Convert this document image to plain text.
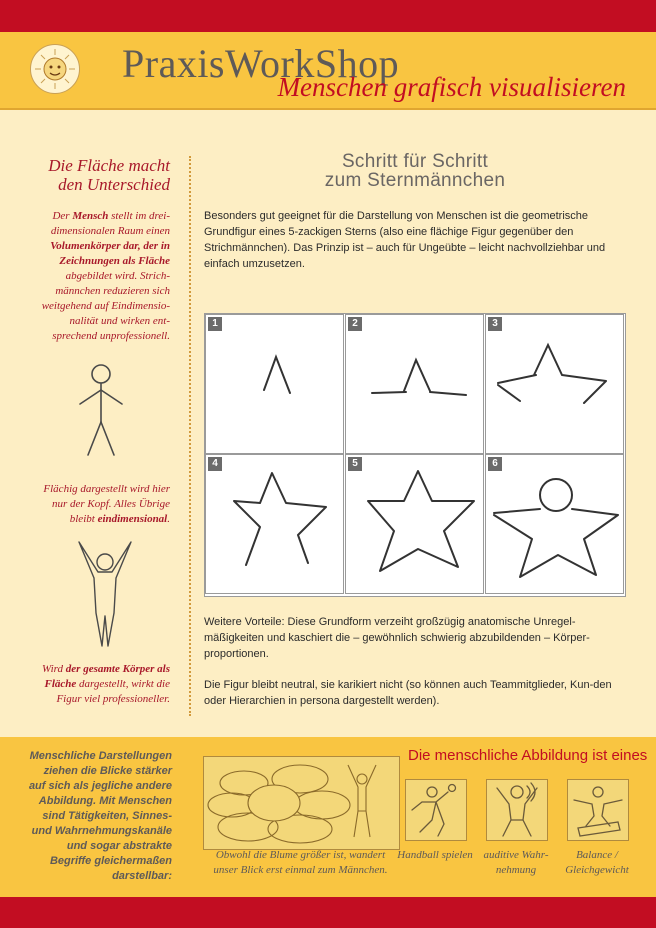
PraxisWorkShop
Menschen grafisch visualisieren
Die Fläche macht
den Unterschied
Der Mensch stellt im drei-dimensionalen Raum einen Volumenkörper dar, der in Zeichnungen als Fläche abgebildet wird. Strich-männchen reduzieren sich weitgehend auf Eindimensio-nalität und wirken ent-sprechend unprofessionell.
Flächig dargestellt wird hier nur der Kopf. Alles Übrige bleibt eindimensional.
Wird der gesamte Körper als Fläche dargestellt, wirkt die Figur viel professioneller.
Schritt für Schritt
zum Sternmännchen
Besonders gut geeignet für die Darstellung von Menschen ist die geometrische Grundfigur eines 5-zackigen Sterns (also eine flächige Figur gegenüber den Strichmännchen). Das Prinzip ist – auch für Ungeübte – leicht nachvollziehbar und einfach umzusetzen.
1	2	3
4	5	6
Weitere Vorteile: Diese Grundform verzeiht großzügig anatomische Unregel-mäßigkeiten und kaschiert die – gewöhnlich schwierig abzubildenden – Körper-proportionen.
Die Figur bleibt neutral, sie karikiert nicht (so können auch Teammitglieder, Kun-den oder Hierarchien in persona dargestellt werden).
Menschliche Darstellungen ziehen die Blicke stärker auf sich als jegliche andere Abbildung. Mit Menschen sind Tätigkeiten, Sinnes- und Wahrnehmungskanäle und sogar abstrakte Begriffe gleichermaßen darstellbar:
Obwohl die Blume größer ist, wandert unser Blick erst einmal zum Männchen.
Die menschliche Abbildung ist eines
Handball spielen auditive Wahr-nehmung
Balance / Gleichgewicht
